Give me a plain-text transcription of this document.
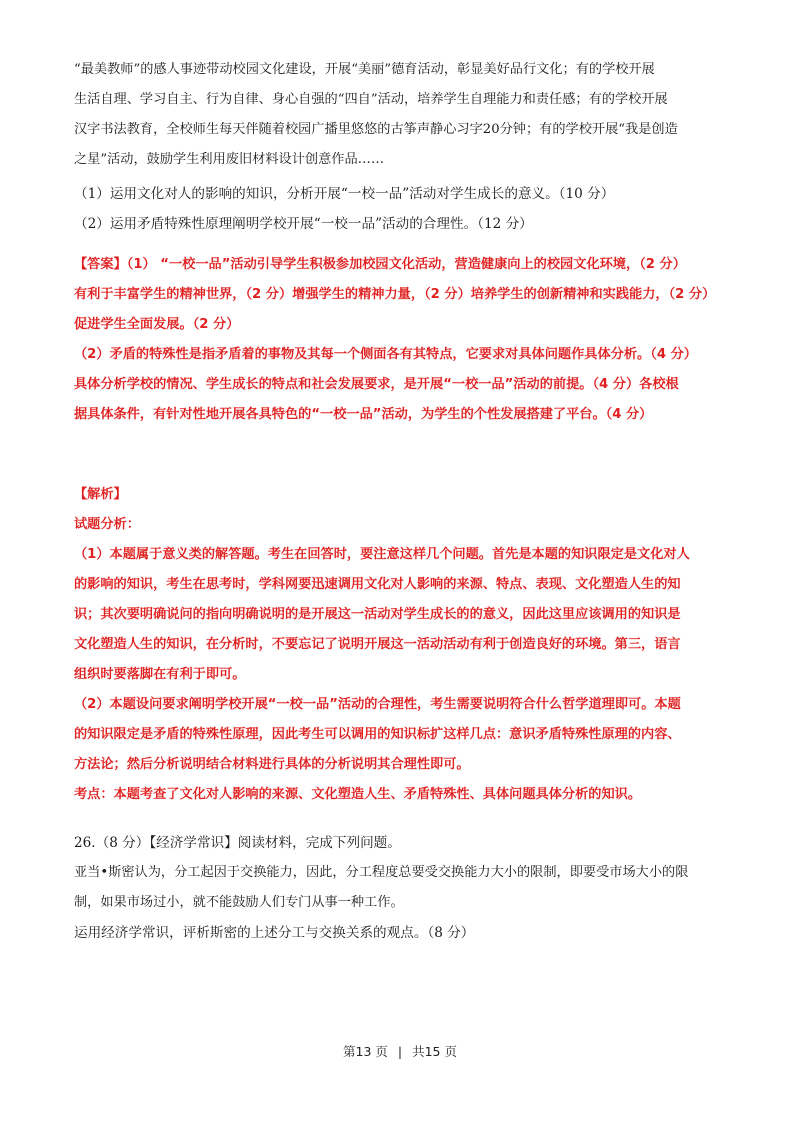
“最美教师”的感人事迹带动校园文化建设，开展“美丽”德育活动，彰显美好品行文化；有的学校开展
生活自理、学习自主、行为自律、身心自强的“四自”活动，培养学生自理能力和责任感；有的学校开展
汉字书法教育，全校师生每天伴随着校园广播里悠悠的古筝声静心习字20分钟；有的学校开展“我是创造
之星”活动，鼓励学生利用废旧材料设计创意作品……
（1）运用文化对人的影响的知识，分析开展“一校一品”活动对学生成长的意义。（10 分）
（2）运用矛盾特殊性原理阐明学校开展“一校一品”活动的合理性。（12 分）
【答案】（1） “一校一品”活动引导学生积极参加校园文化活动，营造健康向上的校园文化环境，（2 分）
有利于丰富学生的精神世界，（2 分）增强学生的精神力量，（2 分）培养学生的创新精神和实践能力，（2 分）
促进学生全面发展。（2 分）
（2）矛盾的特殊性是指矛盾着的事物及其每一个侧面各有其特点，它要求对具体问题作具体分析。（4 分）
具体分析学校的情况、学生成长的特点和社会发展要求，是开展“一校一品”活动的前提。（4 分）各校根
据具体条件，有针对性地开展各具特色的“一校一品”活动，为学生的个性发展搭建了平台。（4 分）
【解析】
试题分析：
（1）本题属于意义类的解答题。考生在回答时，要注意这样几个问题。首先是本题的知识限定是文化对人
的影响的知识，考生在思考时，学科网要迅速调用文化对人影响的来源、特点、表现、文化塑造人生的知
识；其次要明确说问的指向明确说明的是开展这一活动对学生成长的的意义，因此这里应该调用的知识是
文化塑造人生的知识，在分析时，不要忘记了说明开展这一活动活动有利于创造良好的环境。第三，语言
组织时要落脚在有利于即可。
（2）本题设问要求阐明学校开展“一校一品”活动的合理性，考生需要说明符合什么哲学道理即可。本题
的知识限定是矛盾的特殊性原理，因此考生可以调用的知识标扩这样几点：意识矛盾特殊性原理的内容、
方法论；然后分析说明结合材料进行具体的分析说明其合理性即可。
考点：本题考查了文化对人影响的来源、文化塑造人生、矛盾特殊性、具体问题具体分析的知识。
26.（8 分）【经济学常识】阅读材料，完成下列问题。
亚当•斯密认为，分工起因于交换能力，因此，分工程度总要受交换能力大小的限制，即要受市场大小的限
制，如果市场过小，就不能鼓励人们专门从事一种工作。
运用经济学常识，评析斯密的上述分工与交换关系的观点。（8 分）
第13 页 | 共15 页
